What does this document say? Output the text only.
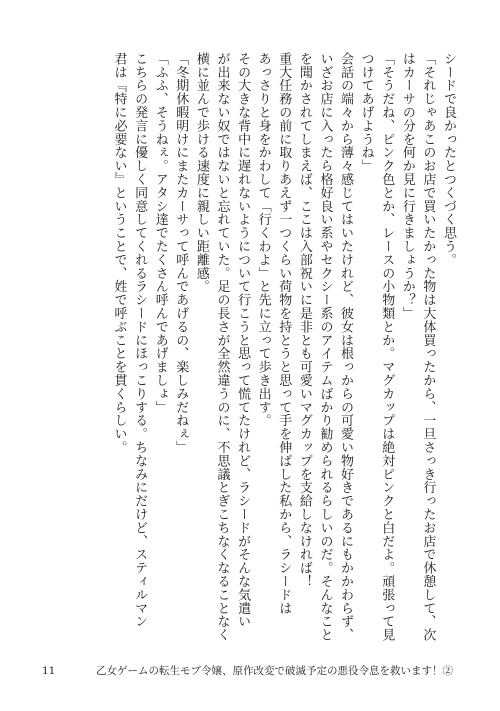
シードで良かったとつくづく思う。

「それじゃあこのお店で買いたかった物は大体買ったから、一旦さっき行ったお店で休憩して、次

はカーサの分を何か見に行きましょうか？」

「そうだね、ピンク色とか、レースの小物類とか。マグカップは絶対ピンクと白だよ。頑張って見

つけてあげようね」

会話の端々から薄々感じてはいたけれど、彼女は根っからの可愛い物好きであるにもかかわらず、

いざお店に入ったら格好良い系やセクシー系のアイテムばかり勧められるらしいのだ。そんなこと

を聞かされてしまえば、ここは入部祝いに是非とも可愛いマグカップを支給しなければ！

重大任務の前に取りあえず一つくらい荷物を持とうと思って手を伸ばした私から、ラシードは

あっさりと身をかわして「行くわよ」と先に立って歩き出す。

その大きな背中に遅れないようについて行こうと思って慌てたけれど、ラシードがそんな気遣い

が出来ない奴ではないと忘れていた。足の長さが全然違うのに、不思議とぎこちなくなることなく

横に並んで歩ける速度に親しい距離感。

「冬期休暇明けにまたカーサって呼んであげるの、楽しみだねぇ」

「ふふ、そうねぇ。アタシ達でたくさん呼んであげましょ」

こちらの発言に優しく同意してくれるラシードにほっこりする。ちなみにだけど、スティルマン

君は『特に必要ない』ということで、姓で呼ぶことを貫くらしい。

11	乙女ゲームの転生モブ令嬢、原作改変で破滅予定の悪役令息を救います！②
